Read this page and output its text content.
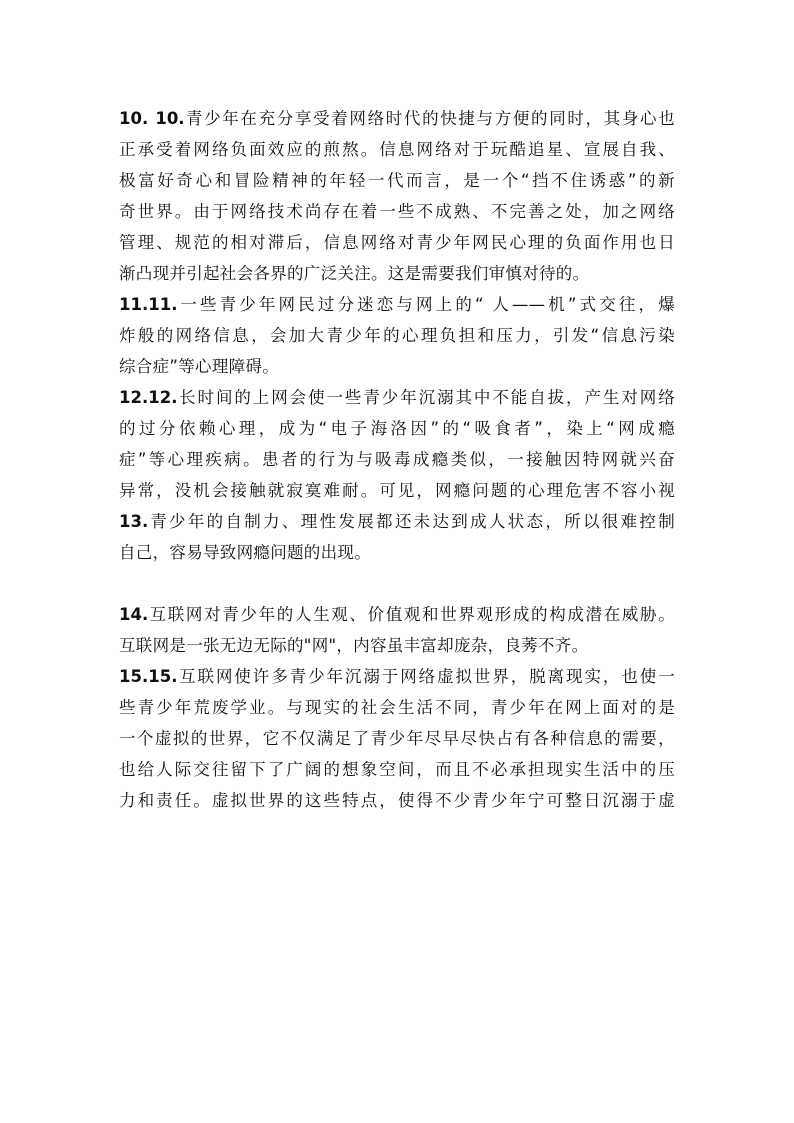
10. 10.青少年在充分享受着网络时代的快捷与方便的同时，其身心也
正承受着网络负面效应的煎熬。信息网络对于玩酷追星、宣展自我、
极富好奇心和冒险精神的年轻一代而言，是一个“挡不住诱惑”的新
奇世界。由于网络技术尚存在着一些不成熟、不完善之处，加之网络
管理、规范的相对滞后，信息网络对青少年网民心理的负面作用也日
渐凸现并引起社会各界的广泛关注。这是需要我们审慎对待的。
11.11.一些青少年网民过分迷恋与网上的“ 人——机”式交往，爆
炸般的网络信息，会加大青少年的心理负担和压力，引发“信息污染
综合症”等心理障碍。
12.12.长时间的上网会使一些青少年沉溺其中不能自拔，产生对网络
的过分依赖心理，成为“电子海洛因”的“吸食者”，染上“网成瘾
症”等心理疾病。患者的行为与吸毒成瘾类似，一接触因特网就兴奋
异常，没机会接触就寂寞难耐。可见，网瘾问题的心理危害不容小视
13.青少年的自制力、理性发展都还未达到成人状态，所以很难控制
自己，容易导致网瘾问题的出现。
14.互联网对青少年的人生观、价值观和世界观形成的构成潜在威胁。
互联网是一张无边无际的"网"，内容虽丰富却庞杂，良莠不齐。
15.15.互联网使许多青少年沉溺于网络虚拟世界，脱离现实，也使一
些青少年荒废学业。与现实的社会生活不同，青少年在网上面对的是
一个虚拟的世界，它不仅满足了青少年尽早尽快占有各种信息的需要，
也给人际交往留下了广阔的想象空间，而且不必承担现实生活中的压
力和责任。虚拟世界的这些特点，使得不少青少年宁可整日沉溺于虚
